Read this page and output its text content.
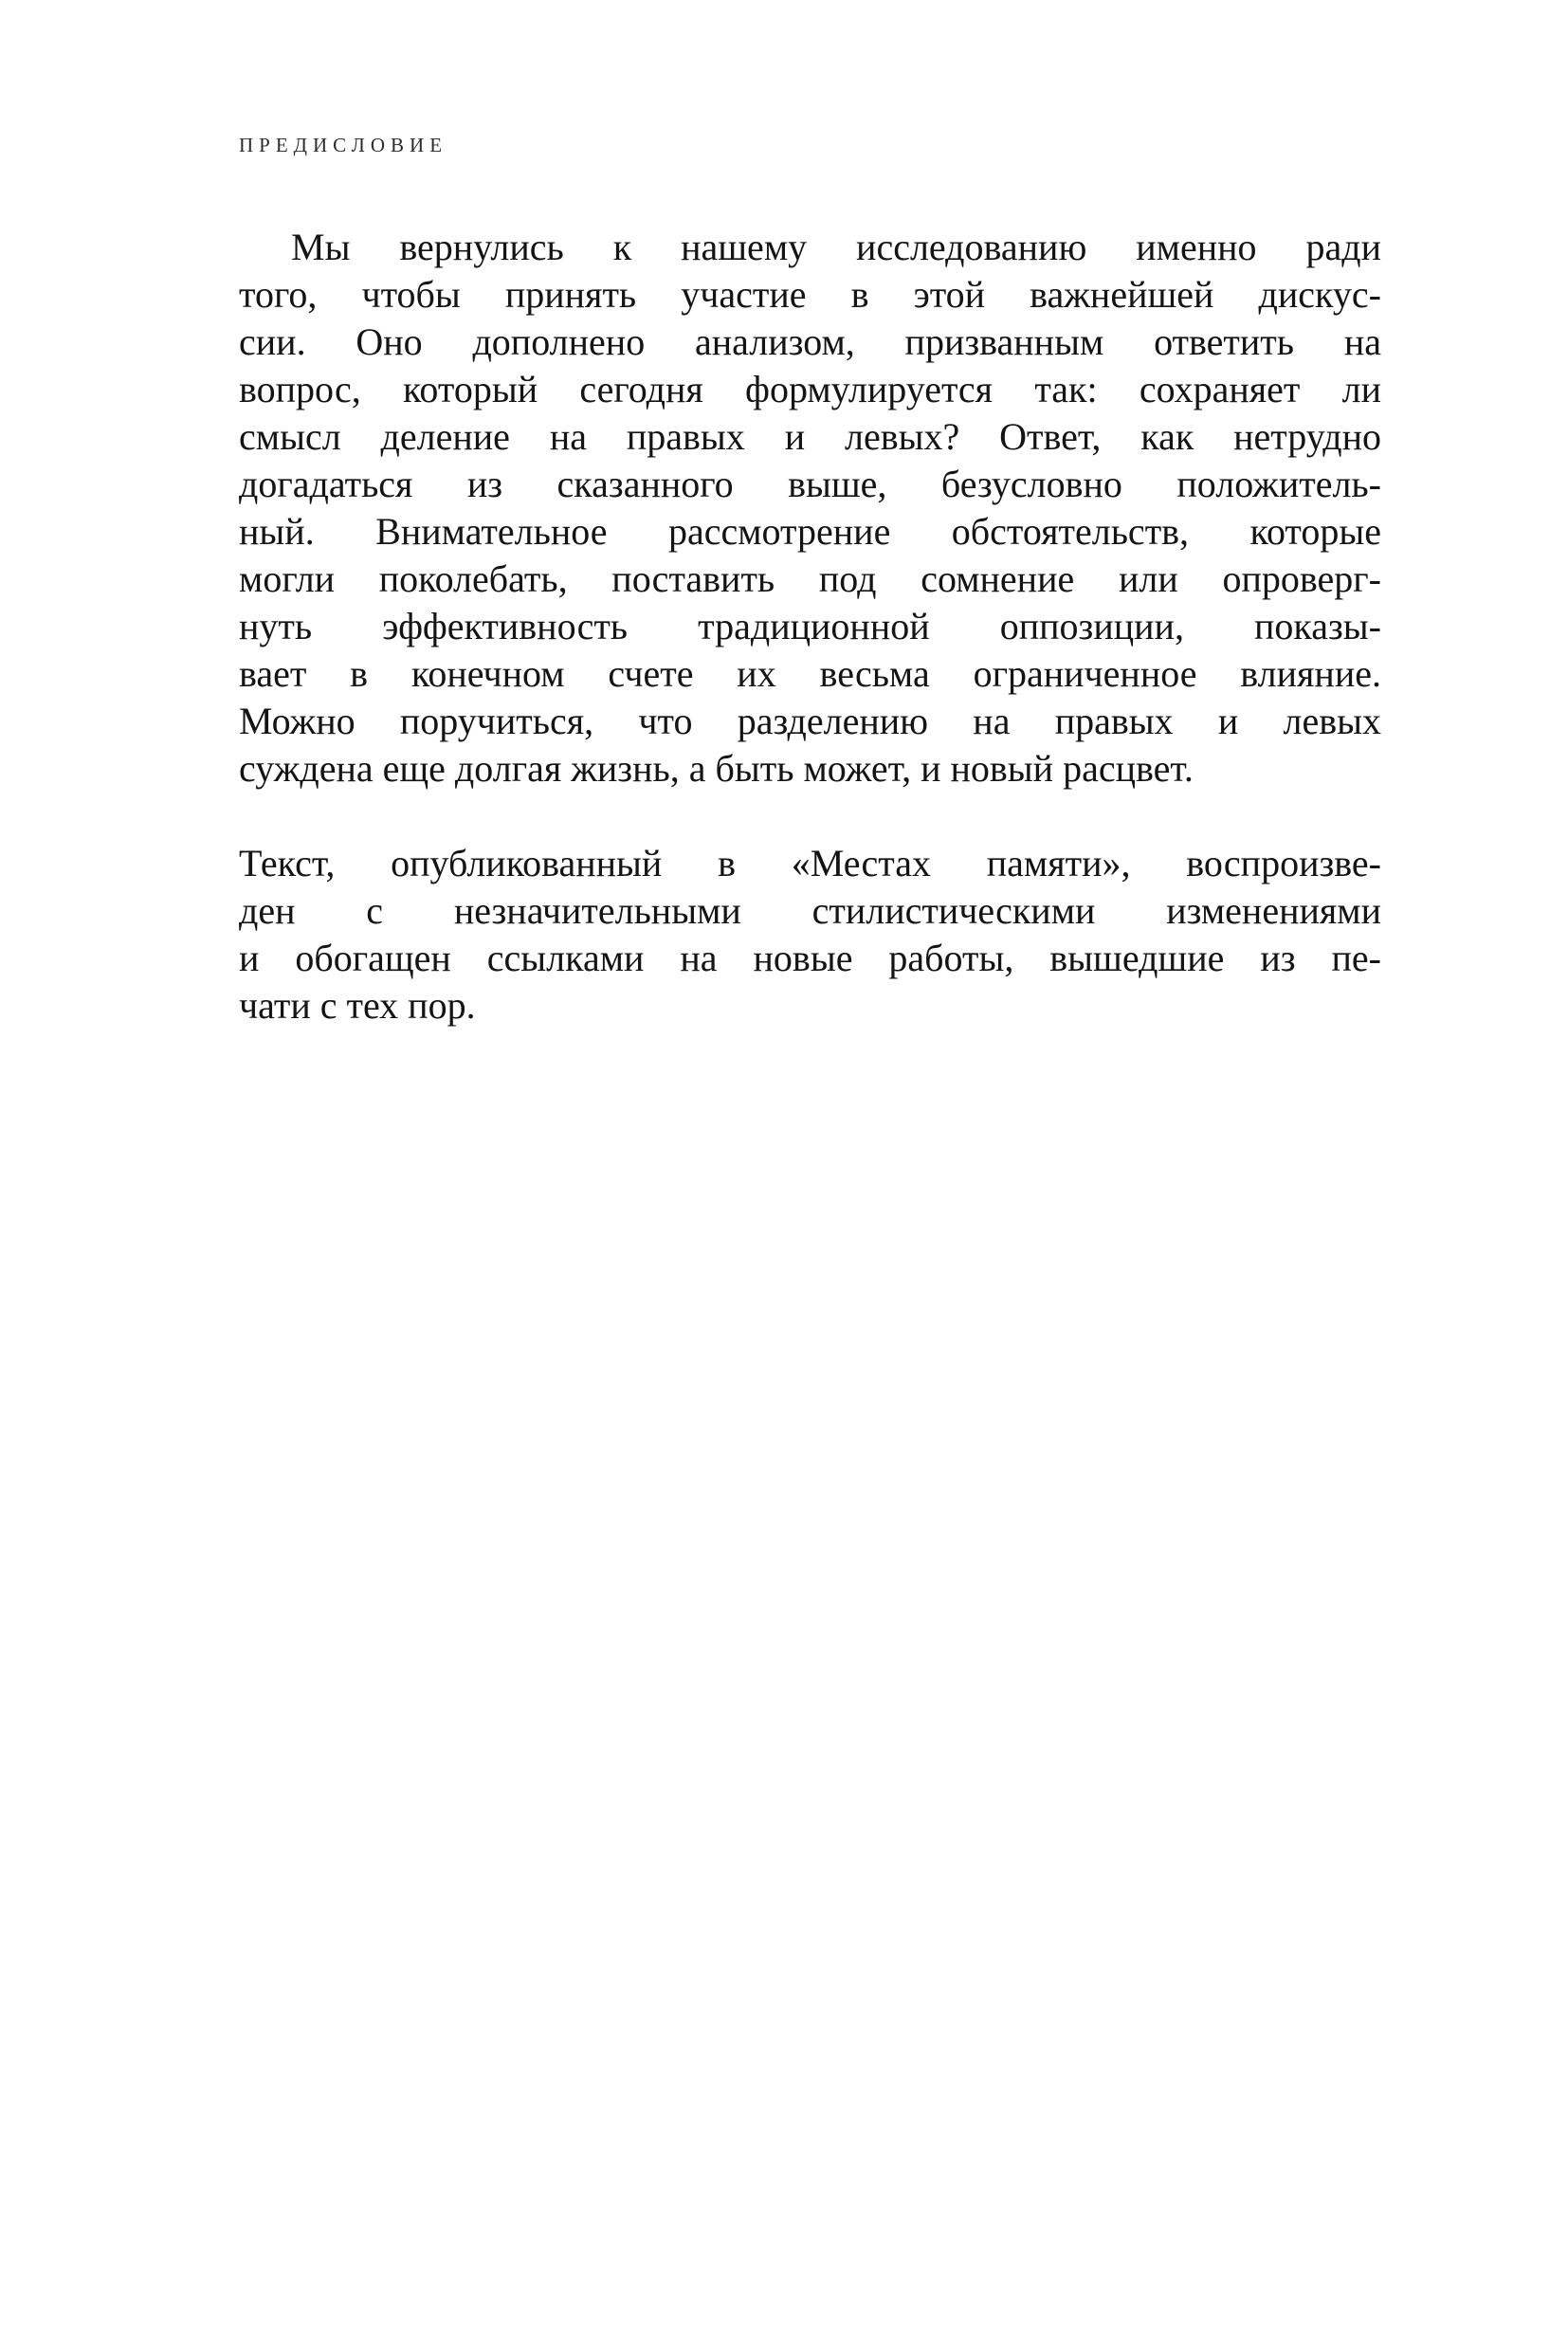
ПРЕДИСЛОВИЕ
Мы вернулись к нашему исследованию именно ради
того, чтобы принять участие в этой важнейшей дискус-
сии. Оно дополнено анализом, призванным ответить на
вопрос, который сегодня формулируется так: сохраняет ли
смысл деление на правых и левых? Ответ, как нетрудно
догадаться из сказанного выше, безусловно положитель-
ный. Внимательное рассмотрение обстоятельств, которые
могли поколебать, поставить под сомнение или опроверг-
нуть эффективность традиционной оппозиции, показы-
вает в конечном счете их весьма ограниченное влияние.
Можно поручиться, что разделению на правых и левых
суждена еще долгая жизнь, а быть может, и новый расцвет.
Текст, опубликованный в «Местах памяти», воспроизве-
ден с незначительными стилистическими изменениями
и обогащен ссылками на новые работы, вышедшие из пе-
чати с тех пор.
